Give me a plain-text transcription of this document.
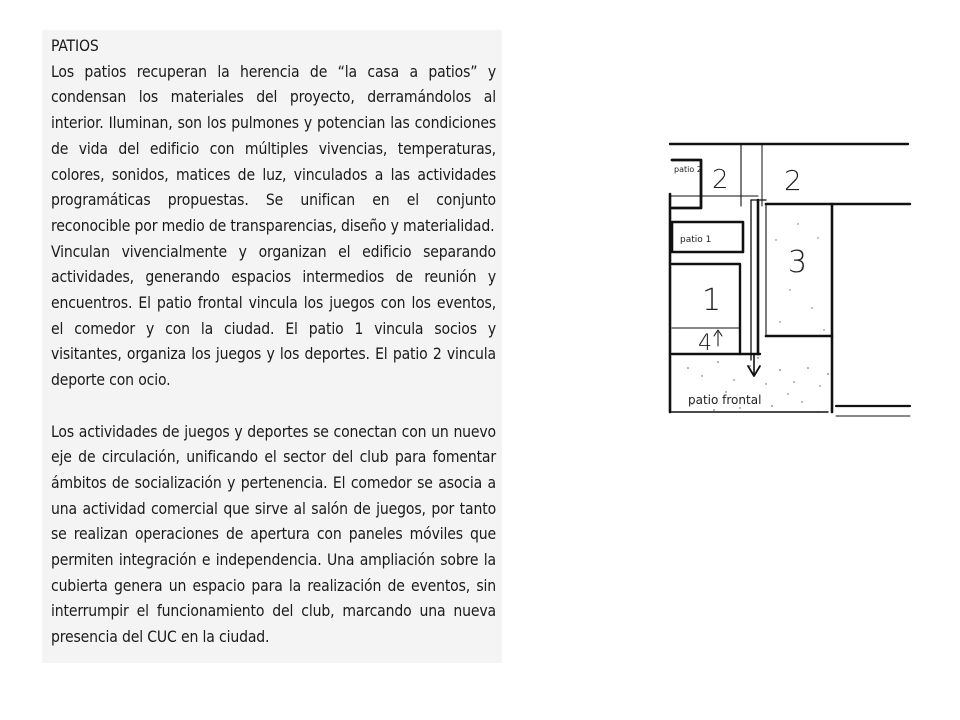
PATIOS

Los patios recuperan la herencia de “la casa a patios” y condensan los materiales del proyecto, derramándolos al interior. Iluminan, son los pulmones y potencian las condiciones de vida del edificio con múltiples vivencias, temperaturas, colores, sonidos, matices de luz, vinculados a las actividades programáticas propuestas. Se unifican en el conjunto reconocible por medio de transparencias, diseño y materialidad.

Vinculan vivencialmente y organizan el edificio separando actividades, generando espacios intermedios de reunión y encuentros. El patio frontal vincula los juegos con los eventos, el comedor y con la ciudad. El patio 1 vincula socios y visitantes, organiza los juegos y los deportes. El patio 2 vincula deporte con ocio.

Los actividades de juegos y deportes se conectan con un nuevo eje de circulación, unificando el sector del club para fomentar ámbitos de socialización y pertenencia. El comedor se asocia a una actividad comercial que sirve al salón de juegos, por tanto se realizan operaciones de apertura con paneles móviles que permiten integración e independencia. Una ampliación sobre la cubierta genera un espacio para la realización de eventos, sin interrumpir el funcionamiento del club, marcando una nueva presencia del CUC en la ciudad.

patio 2 2 2
patio 1
3
1
4
patio frontal
